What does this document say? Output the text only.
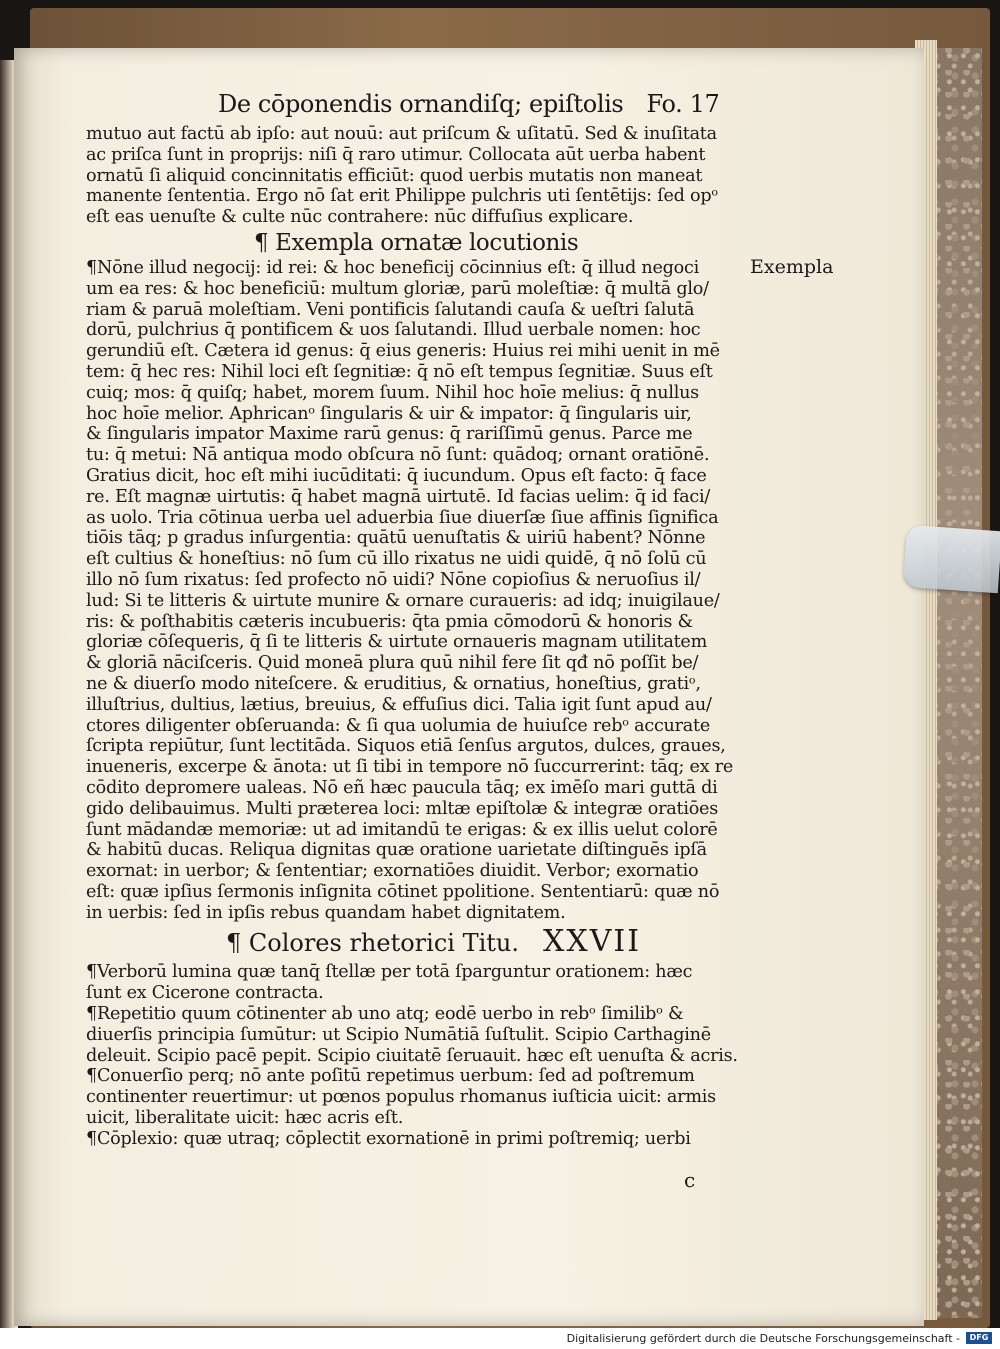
De cōponendis ornandiſq; epiſtolis Fo. 17
Exempla
mutuo aut factū ab ipſo: aut nouū: aut priſcum & uſitatū. Sed & inuſitata
ac priſca ſunt in proprijs: niſi q̄ raro utimur. Collocata aūt uerba habent
ornatū ſi aliquid concinnitatis efficiūt: quod uerbis mutatis non maneat
manente ſententia. Ergo nō ſat erit Philippe pulchris uti ſentētijs: ſed opᵒ
eſt eas uenuſte & culte nūc contrahere: nūc diffuſius explicare.
¶ Exempla ornatæ locutionis
¶Nōne illud negocij: id rei: & hoc beneficij cōcinnius eſt: q̄ illud negoci
um ea res: & hoc beneficiū: multum gloriæ, parū moleſtiæ: q̄ multā glo/
riam & paruā moleſtiam. Veni pontificis ſalutandi cauſa & ueſtri ſalutā
dorū, pulchrius q̄ pontificem & uos ſalutandi. Illud uerbale nomen: hoc
gerundiū eſt. Cætera id genus: q̄ eius generis: Huius rei mihi uenit in mē
tem: q̄ hec res: Nihil loci eſt ſegnitiæ: q̄ nō eſt tempus ſegnitiæ. Suus eſt
cuiq; mos: q̄ quiſq; habet, morem ſuum. Nihil hoc hoīe melius: q̄ nullus
hoc hoīe melior. Aphricanᵒ ſingularis & uir & impator: q̄ ſingularis uir,
& ſingularis impator Maxime rarū genus: q̄ rariſſimū genus. Parce me
tu: q̄ metui: Nā antiqua modo obſcura nō ſunt: quādoq; ornant oratiōnē.
Gratius dicit, hoc eſt mihi iucūditati: q̄ iucundum. Opus eſt facto: q̄ face
re. Eſt magnæ uirtutis: q̄ habet magnā uirtutē. Id facias uelim: q̄ id faci/
as uolo. Tria cōtinua uerba uel aduerbia ſiue diuerſæ ſiue affinis ſignifica
tiōis tāq; p gradus inſurgentia: quātū uenuſtatis & uiriū habent? Nōnne
eſt cultius & honeſtius: nō ſum cū illo rixatus ne uidi quidē, q̄ nō ſolū cū
illo nō ſum rixatus: ſed profecto nō uidi? Nōne copioſius & neruoſius il/
lud: Si te litteris & uirtute munire & ornare curaueris: ad idq; inuigilaue/
ris: & poſthabitis cæteris incubueris: q̄ta pmia cōmodorū & honoris &
gloriæ cōſequeris, q̄ ſi te litteris & uirtute ornaueris magnam utilitatem
& gloriā nāciſceris. Quid moneā plura quū nihil fere ſit qđ nō poſſit be/
ne & diuerſo modo niteſcere. & eruditius, & ornatius, honeſtius, gratiᵒ,
illuſtrius, dultius, lætius, breuius, & effuſius dici. Talia igit ſunt apud au/
ctores diligenter obſeruanda: & ſi qua uolumia de huiuſce rebᵒ accurate
ſcripta repiūtur, ſunt lectitāda. Siquos etiā ſenſus argutos, dulces, graues,
inueneris, excerpe & ānota: ut ſi tibi in tempore nō ſuccurrerint: tāq; ex re
cōdito depromere ualeas. Nō eñ hæc paucula tāq; ex imēſo mari guttā di
gido delibauimus. Multi præterea loci: mltæ epiſtolæ & integræ oratiōes
ſunt mādandæ memoriæ: ut ad imitandū te erigas: & ex illis uelut colorē
& habitū ducas. Reliqua dignitas quæ oratione uarietate diſtinguēs ipſā
exornat: in uerbor; & ſententiar; exornatiōes diuidit. Verbor; exornatio
eſt: quæ ipſius ſermonis inſignita cōtinet ppolitione. Sententiarū: quæ nō
in uerbis: ſed in ipſis rebus quandam habet dignitatem.
¶ Colores rhetorici Titu. XXVII
¶Verborū lumina quæ tanq̄ ſtellæ per totā ſparguntur orationem: hæc
ſunt ex Cicerone contracta.
¶Repetitio quum cōtinenter ab uno atq; eodē uerbo in rebᵒ ſimilibᵒ &
diuerſis principia ſumūtur: ut Scipio Numātiā ſuſtulit. Scipio Carthaginē
deleuit. Scipio pacē pepit. Scipio ciuitatē ſeruauit. hæc eſt uenuſta & acris.
¶Conuerſio perq; nō ante poſitū repetimus uerbum: ſed ad poſtremum
continenter reuertimur: ut pœnos populus rhomanus iuſticia uicit: armis
uicit, liberalitate uicit: hæc acris eſt.
¶Cōplexio: quæ utraq; cōplectit exornationē in primi poſtremiq; uerbi
c
Digitalisierung gefördert durch die Deutsche Forschungsgemeinschaft -
DFG
